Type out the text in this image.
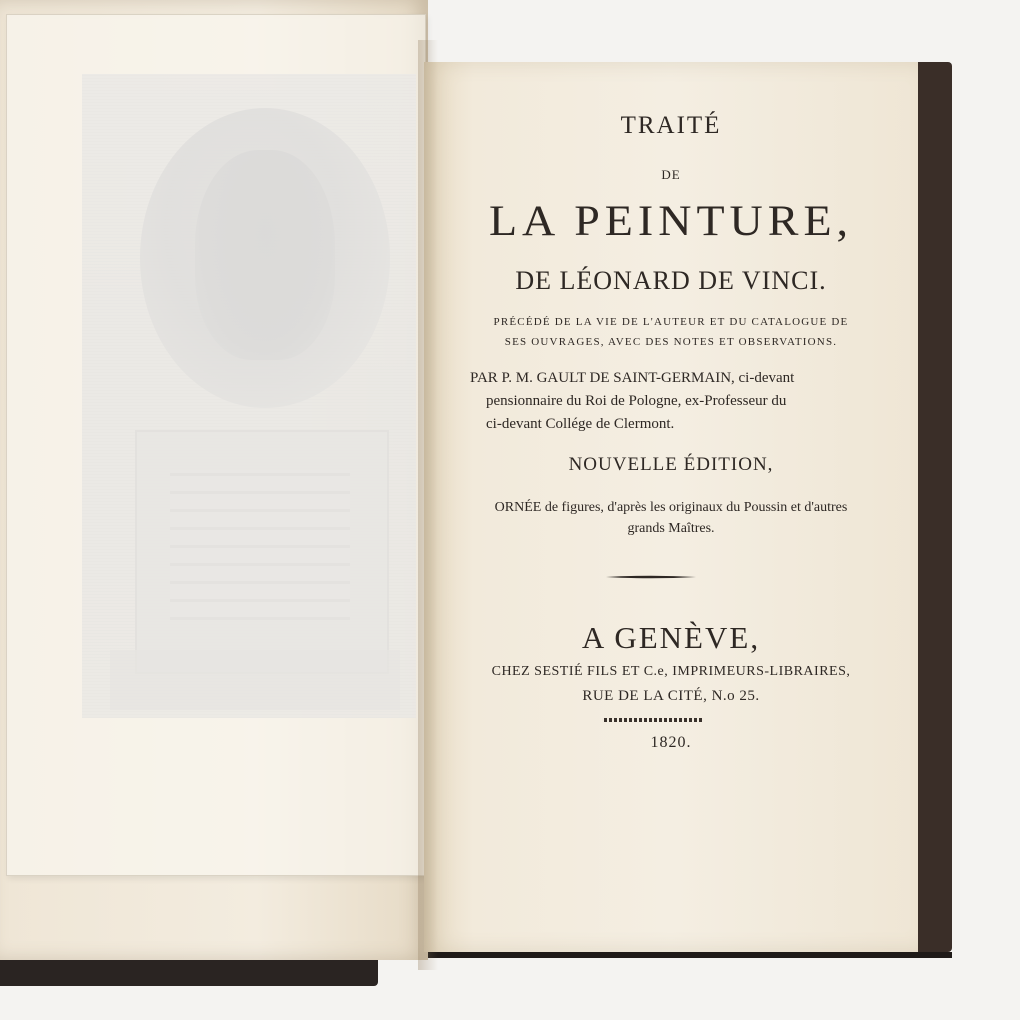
TRAITÉ
DE
LA PEINTURE,
DE LÉONARD DE VINCI.
PRÉCÉDÉ DE LA VIE DE L'AUTEUR ET DU CATALOGUE DE
SES OUVRAGES, AVEC DES NOTES ET OBSERVATIONS.
PAR P. M. GAULT DE SAINT-GERMAIN, ci-devant
pensionnaire du Roi de Pologne, ex-Professeur du
ci-devant Collége de Clermont.
NOUVELLE ÉDITION,
ORNÉE de figures, d'après les originaux du Poussin et d'autres
grands Maîtres.
A GENÈVE,
CHEZ SESTIÉ FILS ET C.e, IMPRIMEURS-LIBRAIRES,
RUE DE LA CITÉ, N.o 25.
1820.
